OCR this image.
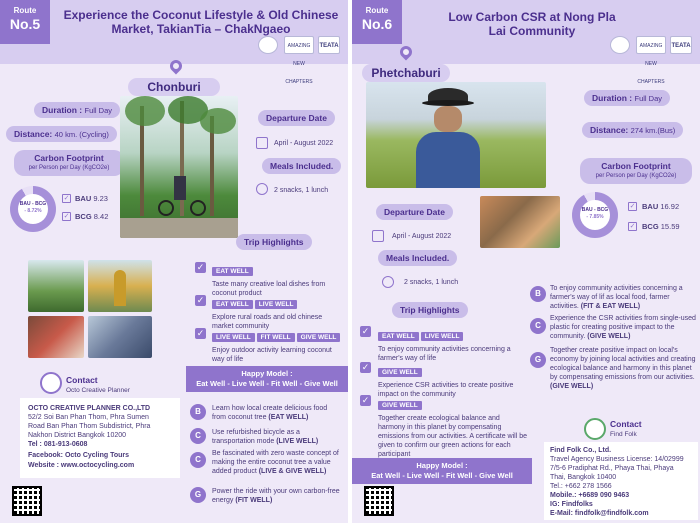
Route
No.5
Experience the Coconut Lifestyle & Old Chinese Market, TakianTia – ChakNgaeo
AMAZING NEW CHAPTERS
TEATA
Chonburi
Duration : Full Day
Distance: 40 km. (Cycling)
Carbon Footprint
per Person per Day (KgCO2e)
BAU - BCG
- 8.72%
✓ BAU 9.23
✓ BCG 8.42
Departure Date
April - August 2022
Meals Included.
2 snacks, 1 lunch
Trip Highlights
✓	EAT WELL
Taste many creative loal dishes from coconut product
✓	EAT WELL LIVE WELL
Explore rural roads and old chinese market community
✓	LIVE WELL FIT WELL GIVE WELL
Enjoy outdoor activity learning coconut way of life
Happy Model :
Eat Well - Live Well - Fit Well - Give Well
Contact
Octo Creative Planner
OCTO CREATIVE PLANNER CO.,LTD
52/2 Soi Ban Phan Thom, Phra Sumen
Road Ban Phan Thom Subdistrict, Phra
Nakhon District Bangkok 10200
Tel : 081-913-0608
Facebook: Octo Cycling Tours
Website : www.octocycling.com
B	Learn how local create delicious food from coconut tree (EAT WELL)
C	Use refurbished bicycle as a transportation mode (LIVE WELL)
C
Be fascinated with zero waste concept of making the entire coconut tree a value added product (LIVE & GIVE WELL)
G	Power the ride with your own carbon-free energy (FIT WELL)
Route
No.6	Low Carbon CSR at Nong Pla Lai Community
AMAZING NEW CHAPTERS
TEATA
Phetchaburi
Duration : Full Day
Distance: 274 km.(Bus)
Carbon Footprint
per Person per Day (KgCO2e)
BAU - BCG
- 7.85%
✓ BAU 16.92
✓ BCG 15.59
Departure Date
April - August 2022
Meals Included.
2 snacks, 1 lunch
Trip Highlights
✓
EAT WELL LIVE WELL
To enjoy community activities concerning a farmer's way of life
✓
GIVE WELL
Experience CSR activities to create positive impact on the community
✓
GIVE WELL
Together create ecological balance and harmony in this planet by compensating emissions from our activities. A certificate will be given to confirm our green actions for each participant
Happy Model :
Eat Well - Live Well - Fit Well - Give Well
B
To enjoy community activities concerning a farmer's way of lif as local food, farmer activities. (FIT & EAT WELL)
C
Experience the CSR activities from single-used plastic for creating positive impact to the community. (GIVE WELL)
G
Together create positive impact on local's economy by joining local activities and creating ecological balance and harmony in this planet by compensating emissions from our activities. (GIVE WELL)
Contact
Find Folk
Find Folk Co., Ltd.
Travel Agency Business License: 14/02999
7/5-6 Pradiphat Rd., Phaya Thai, Phaya
Thai, Bangkok 10400
Tel.: +662 278 1566
Mobile.: +6689 090 9463
IG: Findfolks
E-Mail: findfolk@findfolk.com
